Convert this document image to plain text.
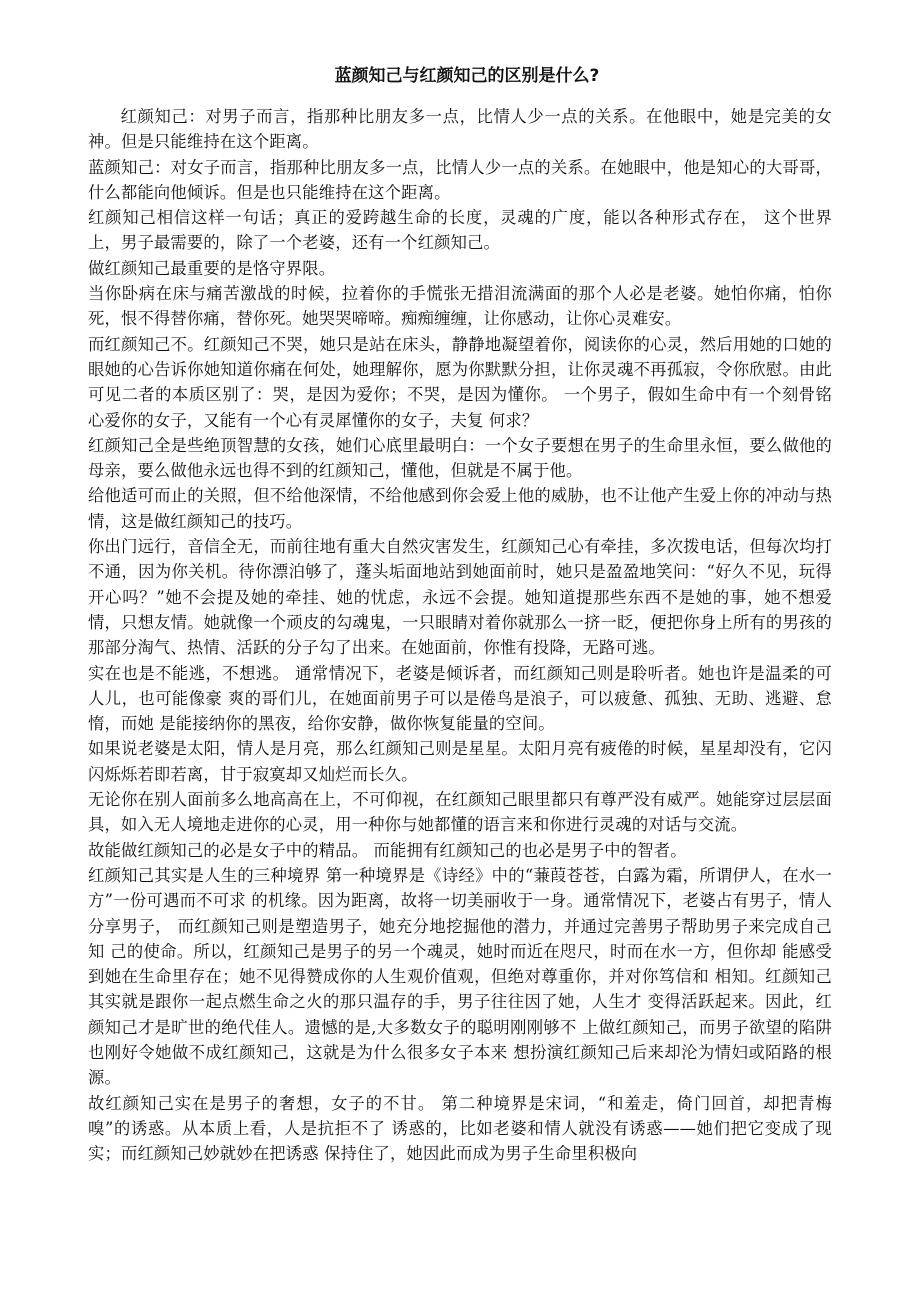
蓝颜知己与红颜知己的区别是什么?

红颜知己：对男子而言，指那种比朋友多一点，比情人少一点的关系。在他眼中，她是完美的女神。但是只能维持在这个距离。

蓝颜知己：对女子而言，指那种比朋友多一点，比情人少一点的关系。在她眼中，他是知心的大哥哥，什么都能向他倾诉。但是也只能维持在这个距离。

红颜知己相信这样一句话；真正的爱跨越生命的长度，灵魂的广度，能以各种形式存在， 这个世界上，男子最需要的，除了一个老婆，还有一个红颜知己。

做红颜知己最重要的是恪守界限。

当你卧病在床与痛苦激战的时候，拉着你的手慌张无措泪流满面的那个人必是老婆。她怕你痛，怕你死，恨不得替你痛，替你死。她哭哭啼啼。痴痴缠缠，让你感动，让你心灵难安。

而红颜知己不。红颜知己不哭，她只是站在床头，静静地凝望着你，阅读你的心灵，然后用她的口她的眼她的心告诉你她知道你痛在何处，她理解你，愿为你默默分担，让你灵魂不再孤寂，令你欣慰。由此可见二者的本质区别了：哭，是因为爱你；不哭，是因为懂你。 一个男子，假如生命中有一个刻骨铭心爱你的女子，又能有一个心有灵犀懂你的女子，夫复 何求？

红颜知己全是些绝顶智慧的女孩，她们心底里最明白：一个女子要想在男子的生命里永恒，要么做他的母亲，要么做他永远也得不到的红颜知己，懂他，但就是不属于他。

给他适可而止的关照，但不给他深情，不给他感到你会爱上他的威胁，也不让他产生爱上你的冲动与热情，这是做红颜知己的技巧。

你出门远行，音信全无，而前往地有重大自然灾害发生，红颜知己心有牵挂，多次拨电话，但每次均打不通，因为你关机。待你漂泊够了，蓬头垢面地站到她面前时，她只是盈盈地笑问：“好久不见，玩得开心吗？”她不会提及她的牵挂、她的忧虑，永远不会提。她知道提那些东西不是她的事，她不想爱情，只想友情。她就像一个顽皮的勾魂鬼，一只眼睛对着你就那么一挤一眨，便把你身上所有的男孩的那部分淘气、热情、活跃的分子勾了出来。在她面前，你惟有投降，无路可逃。

实在也是不能逃，不想逃。 通常情况下，老婆是倾诉者，而红颜知己则是聆听者。她也许是温柔的可人儿，也可能像豪 爽的哥们儿，在她面前男子可以是倦鸟是浪子，可以疲惫、孤独、无助、逃避、怠惰，而她 是能接纳你的黑夜，给你安静，做你恢复能量的空间。

如果说老婆是太阳，情人是月亮，那么红颜知己则是星星。太阳月亮有疲倦的时候，星星却没有，它闪闪烁烁若即若离，甘于寂寞却又灿烂而长久。

无论你在别人面前多么地高高在上，不可仰视，在红颜知己眼里都只有尊严没有威严。她能穿过层层面具，如入无人境地走进你的心灵，用一种你与她都懂的语言来和你进行灵魂的对话与交流。

故能做红颜知己的必是女子中的精品。 而能拥有红颜知己的也必是男子中的智者。

红颜知己其实是人生的三种境界 第一种境界是《诗经》中的“蒹葭苍苍，白露为霜，所谓伊人，在水一方”一份可遇而不可求 的机缘。因为距离，故将一切美丽收于一身。通常情况下，老婆占有男子，情人分享男子， 而红颜知己则是塑造男子，她充分地挖掘他的潜力，并通过完善男子帮助男子来完成自己知 己的使命。所以，红颜知己是男子的另一个魂灵，她时而近在咫尺，时而在水一方，但你却 能感受到她在生命里存在；她不见得赞成你的人生观价值观，但绝对尊重你，并对你笃信和 相知。红颜知己其实就是跟你一起点燃生命之火的那只温存的手，男子往往因了她，人生才 变得活跃起来。因此，红颜知己才是旷世的绝代佳人。遗憾的是,大多数女子的聪明刚刚够不 上做红颜知己，而男子欲望的陷阱也刚好令她做不成红颜知己，这就是为什么很多女子本来 想扮演红颜知己后来却沦为情妇或陌路的根源。

故红颜知己实在是男子的奢想，女子的不甘。 第二种境界是宋词，“和羞走，倚门回首，却把青梅嗅”的诱惑。从本质上看，人是抗拒不了 诱惑的，比如老婆和情人就没有诱惑——她们把它变成了现实；而红颜知己妙就妙在把诱惑 保持住了，她因此而成为男子生命里积极向
